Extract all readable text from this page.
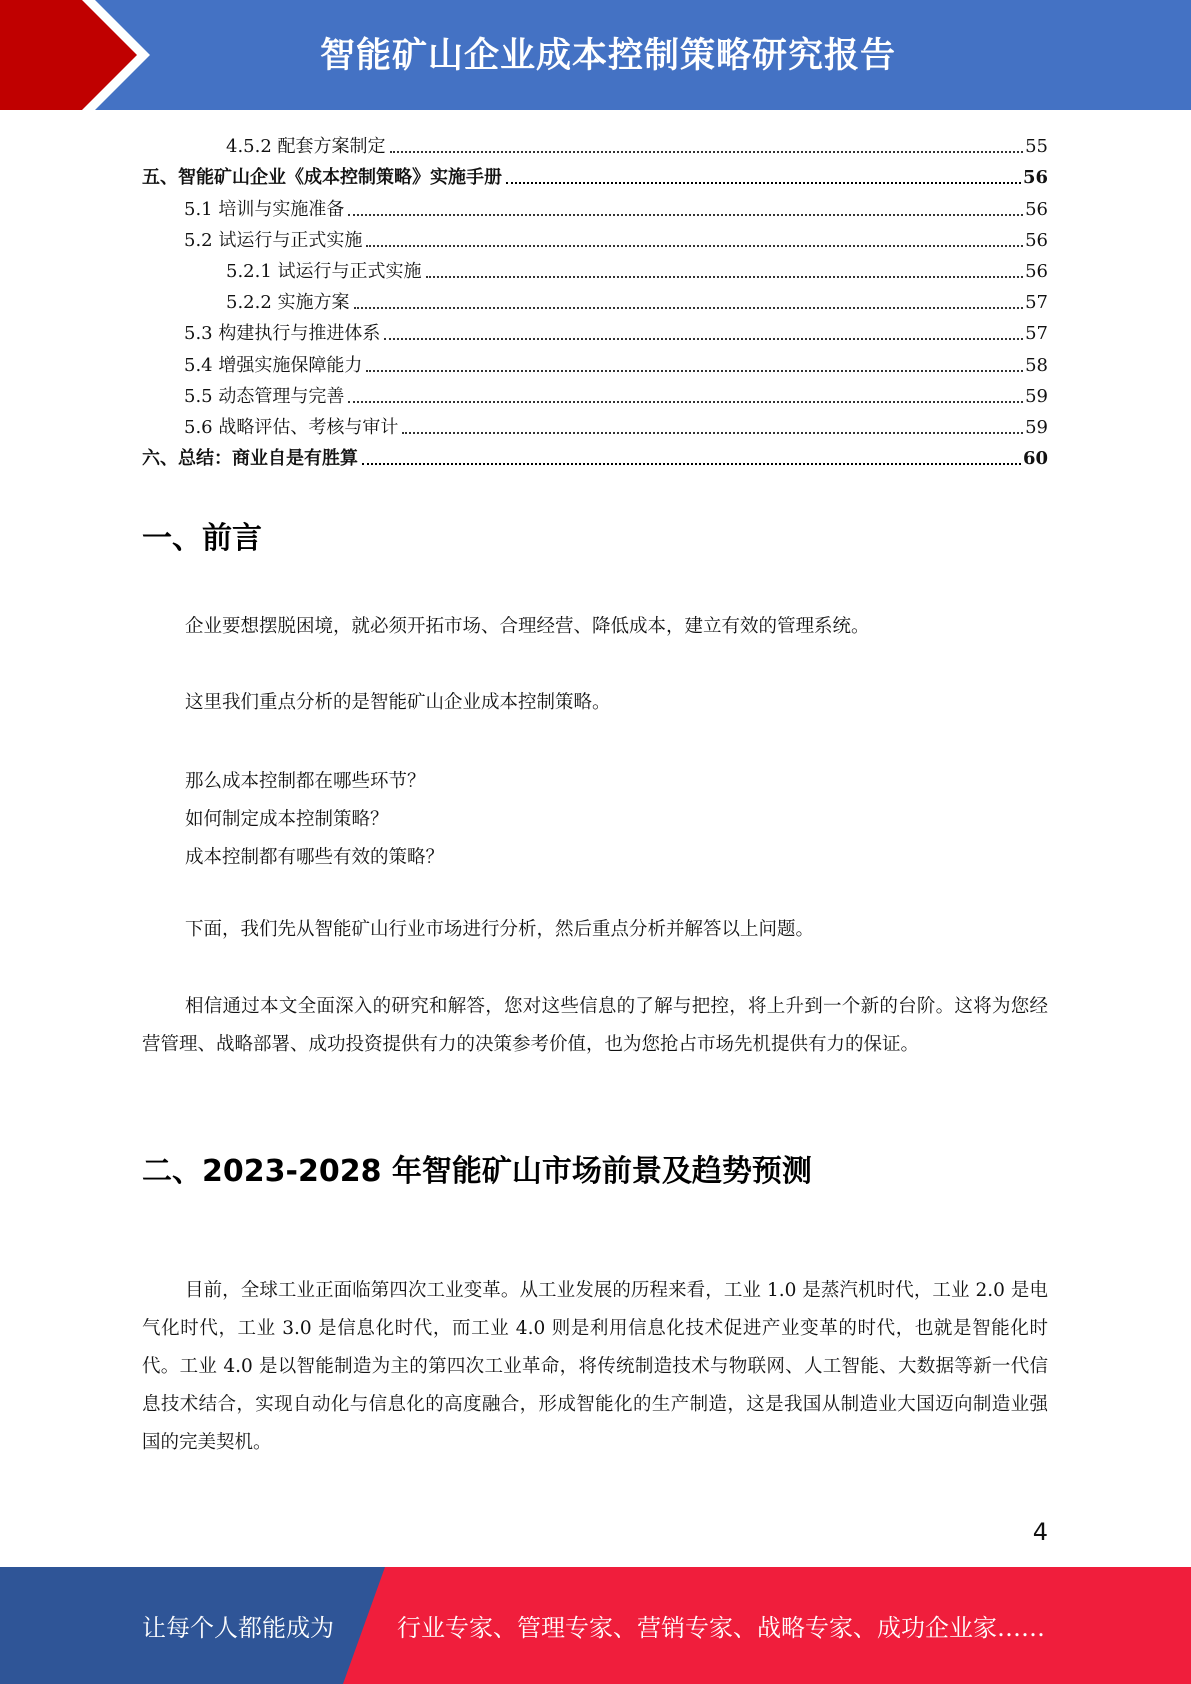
智能矿山企业成本控制策略研究报告
4.5.2 配套方案制定	55
五、智能矿山企业《成本控制策略》实施手册	56
5.1 培训与实施准备	56
5.2 试运行与正式实施	56
5.2.1 试运行与正式实施	56
5.2.2 实施方案	57
5.3 构建执行与推进体系	57
5.4 增强实施保障能力	58
5.5 动态管理与完善	59
5.6 战略评估、考核与审计	59
六、总结：商业自是有胜算	60
一、前言
企业要想摆脱困境，就必须开拓市场、合理经营、降低成本，建立有效的管理系统。
这里我们重点分析的是智能矿山企业成本控制策略。
那么成本控制都在哪些环节？
如何制定成本控制策略？
成本控制都有哪些有效的策略？
下面，我们先从智能矿山行业市场进行分析，然后重点分析并解答以上问题。
相信通过本文全面深入的研究和解答，您对这些信息的了解与把控，将上升到一个新的台阶。这将为您经营管理、战略部署、成功投资提供有力的决策参考价值，也为您抢占市场先机提供有力的保证。
二、2023-2028 年智能矿山市场前景及趋势预测
目前，全球工业正面临第四次工业变革。从工业发展的历程来看，工业 1.0 是蒸汽机时代，工业 2.0 是电气化时代，工业 3.0 是信息化时代，而工业 4.0 则是利用信息化技术促进产业变革的时代，也就是智能化时代。工业 4.0 是以智能制造为主的第四次工业革命，将传统制造技术与物联网、人工智能、大数据等新一代信息技术结合，实现自动化与信息化的高度融合，形成智能化的生产制造，这是我国从制造业大国迈向制造业强国的完美契机。
4
让每个人都能成为	行业专家、管理专家、营销专家、战略专家、成功企业家……
